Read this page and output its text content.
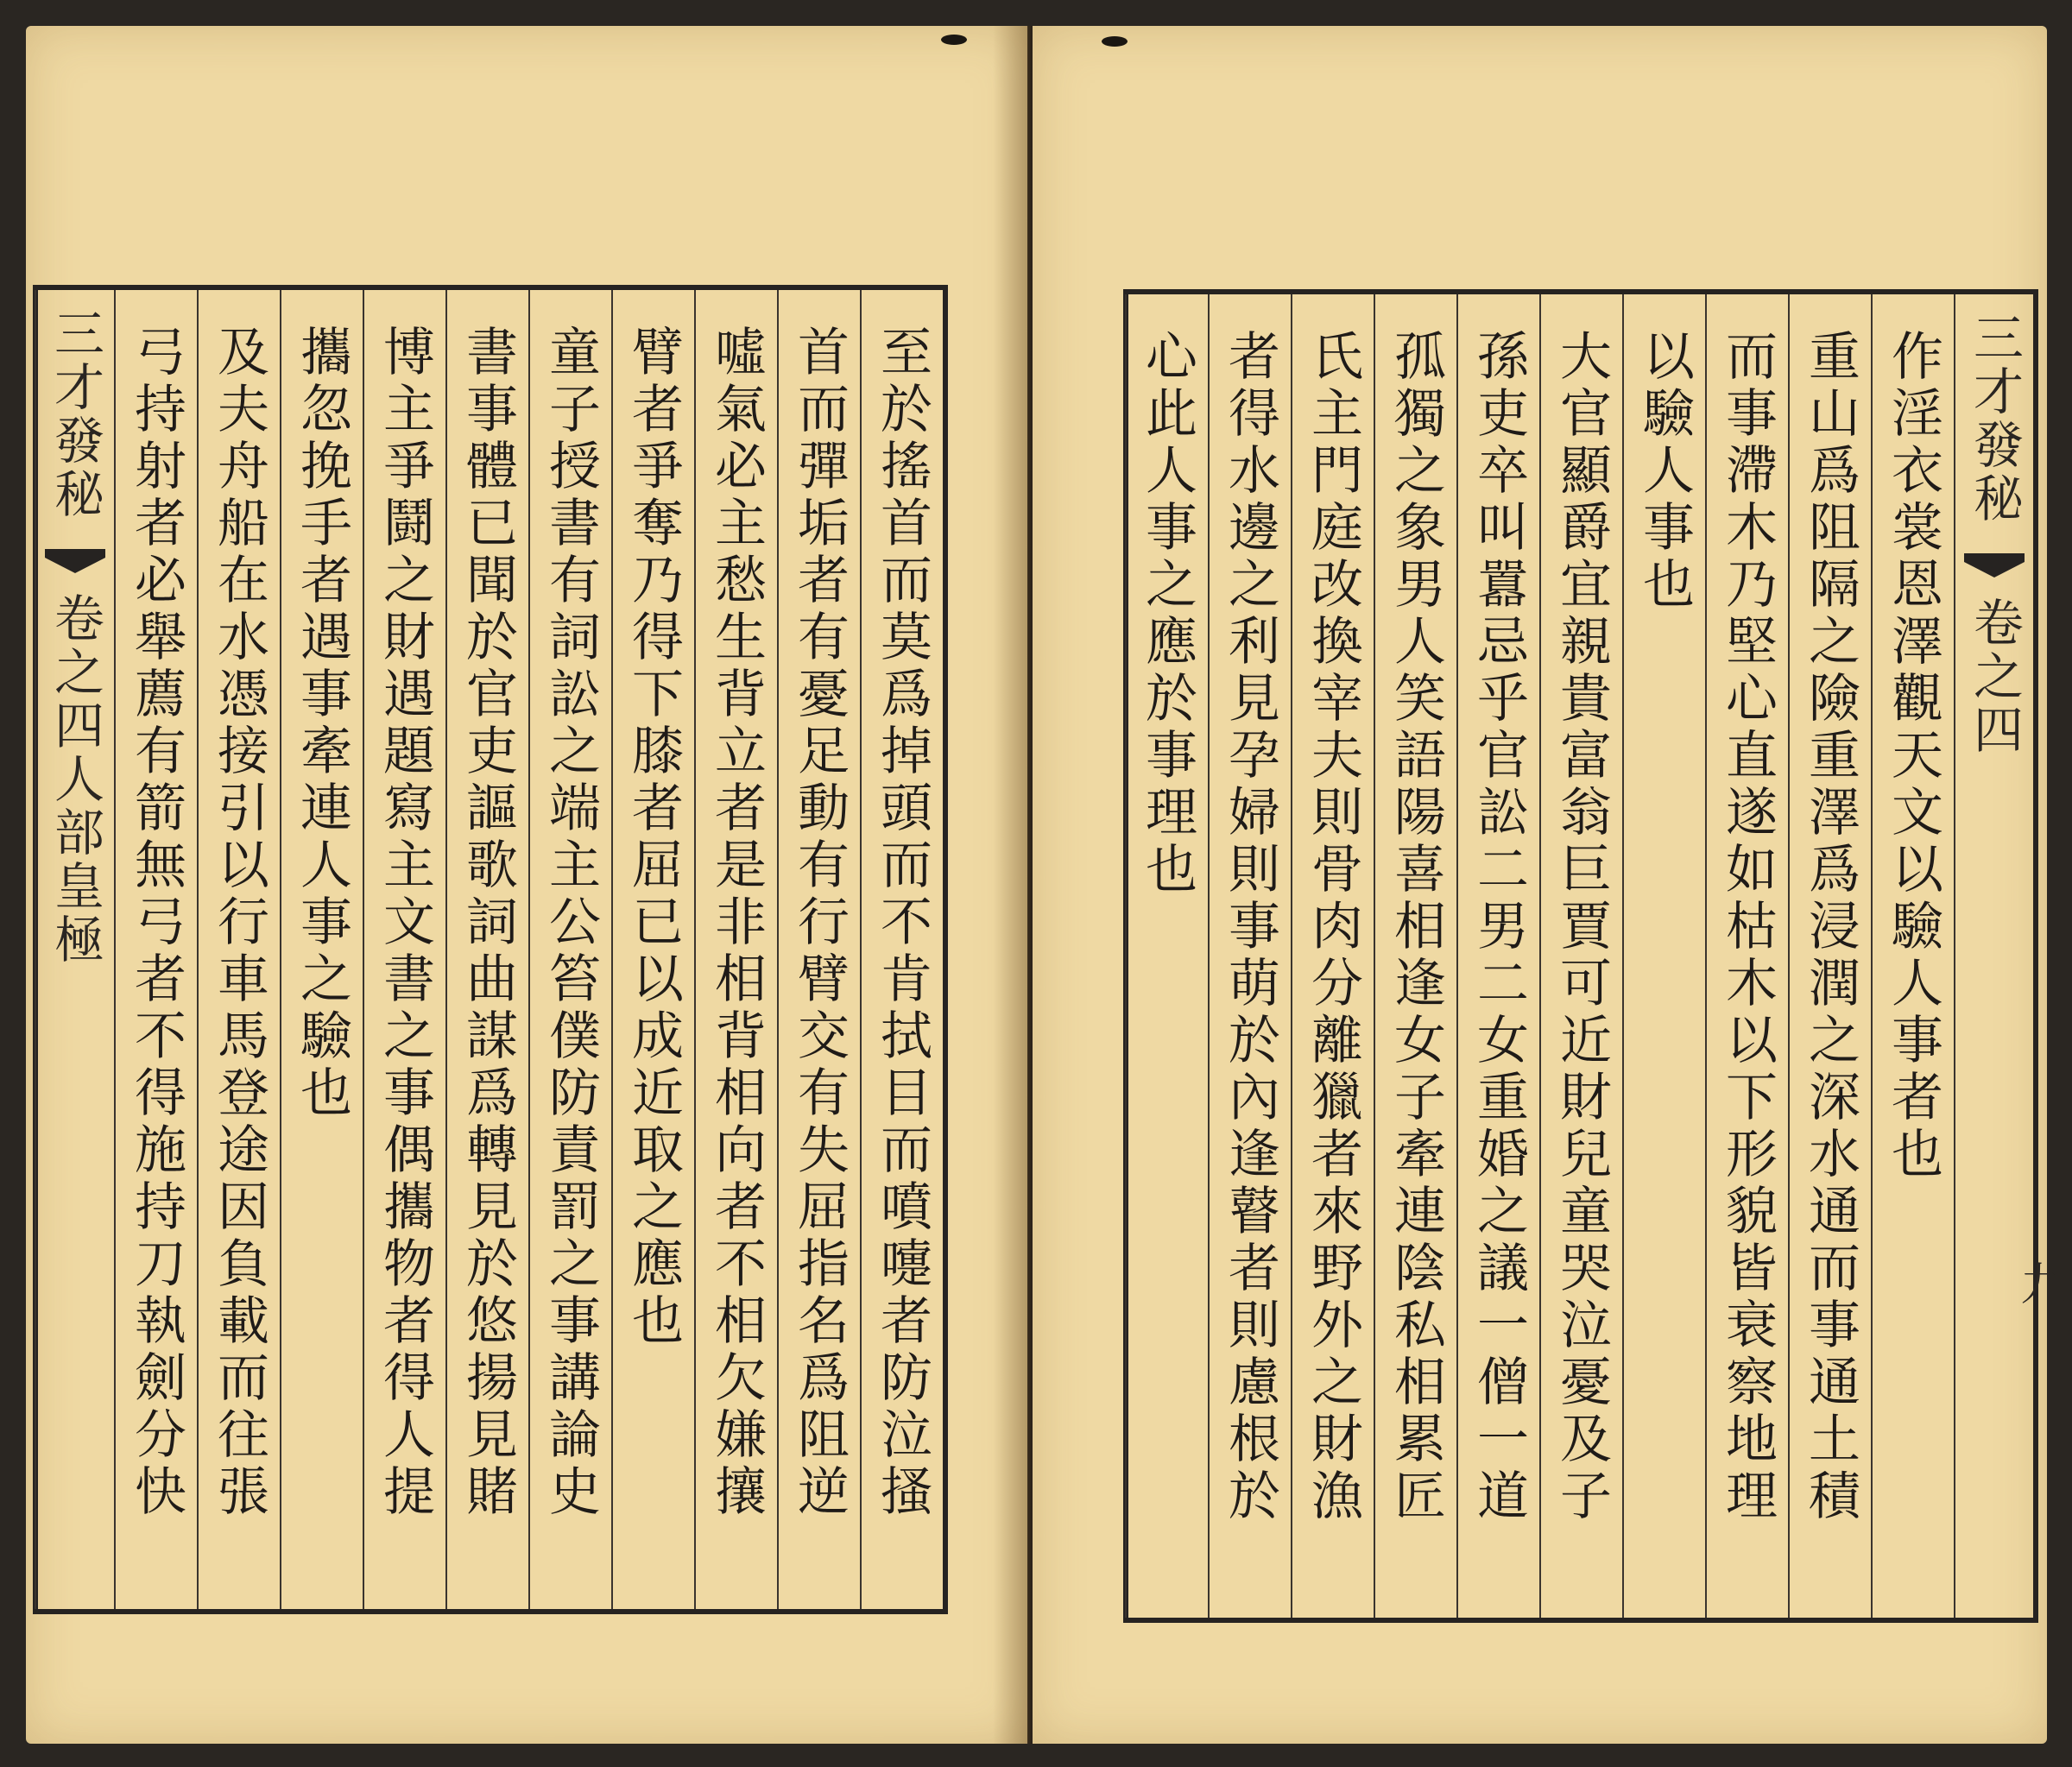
至於搖首而莫爲掉頭而不肯拭目而噴嚏者防泣搔
首而彈垢者有憂足動有行臂交有失屈指名爲阻逆
噓氣必主愁生背立者是非相背相向者不相欠嫌攘
臂者爭奪乃得下膝者屈已以成近取之應也
童子授書有詞訟之端主公笞僕防責罰之事講論史
書事體已聞於官吏謳歌詞曲謀爲轉見於悠揚見賭
博主爭鬪之財遇題寫主文書之事偶攜物者得人提
攜忽挽手者遇事牽連人事之驗也
及夫舟船在水憑接引以行車馬登途因負載而往張
弓持射者必舉薦有箭無弓者不得施持刀執劍分快
三才發秘
卷之四人部皇極
三才發秘
卷之四
作淫衣裳恩澤觀天文以驗人事者也
重山爲阻隔之險重澤爲浸潤之深水通而事通土積
而事滯木乃堅心直遂如枯木以下形貌皆衰察地理
以驗人事也
大官顯爵宜親貴富翁巨賈可近財兒童哭泣憂及子
孫吏卒叫囂忌乎官訟二男二女重婚之議一僧一道
孤獨之象男人笑語陽喜相逢女子牽連陰私相累匠
氏主門庭改換宰夫則骨肉分離獵者來野外之財漁
者得水邊之利見孕婦則事萌於內逢瞽者則慮根於
心此人事之應於事理也
九
